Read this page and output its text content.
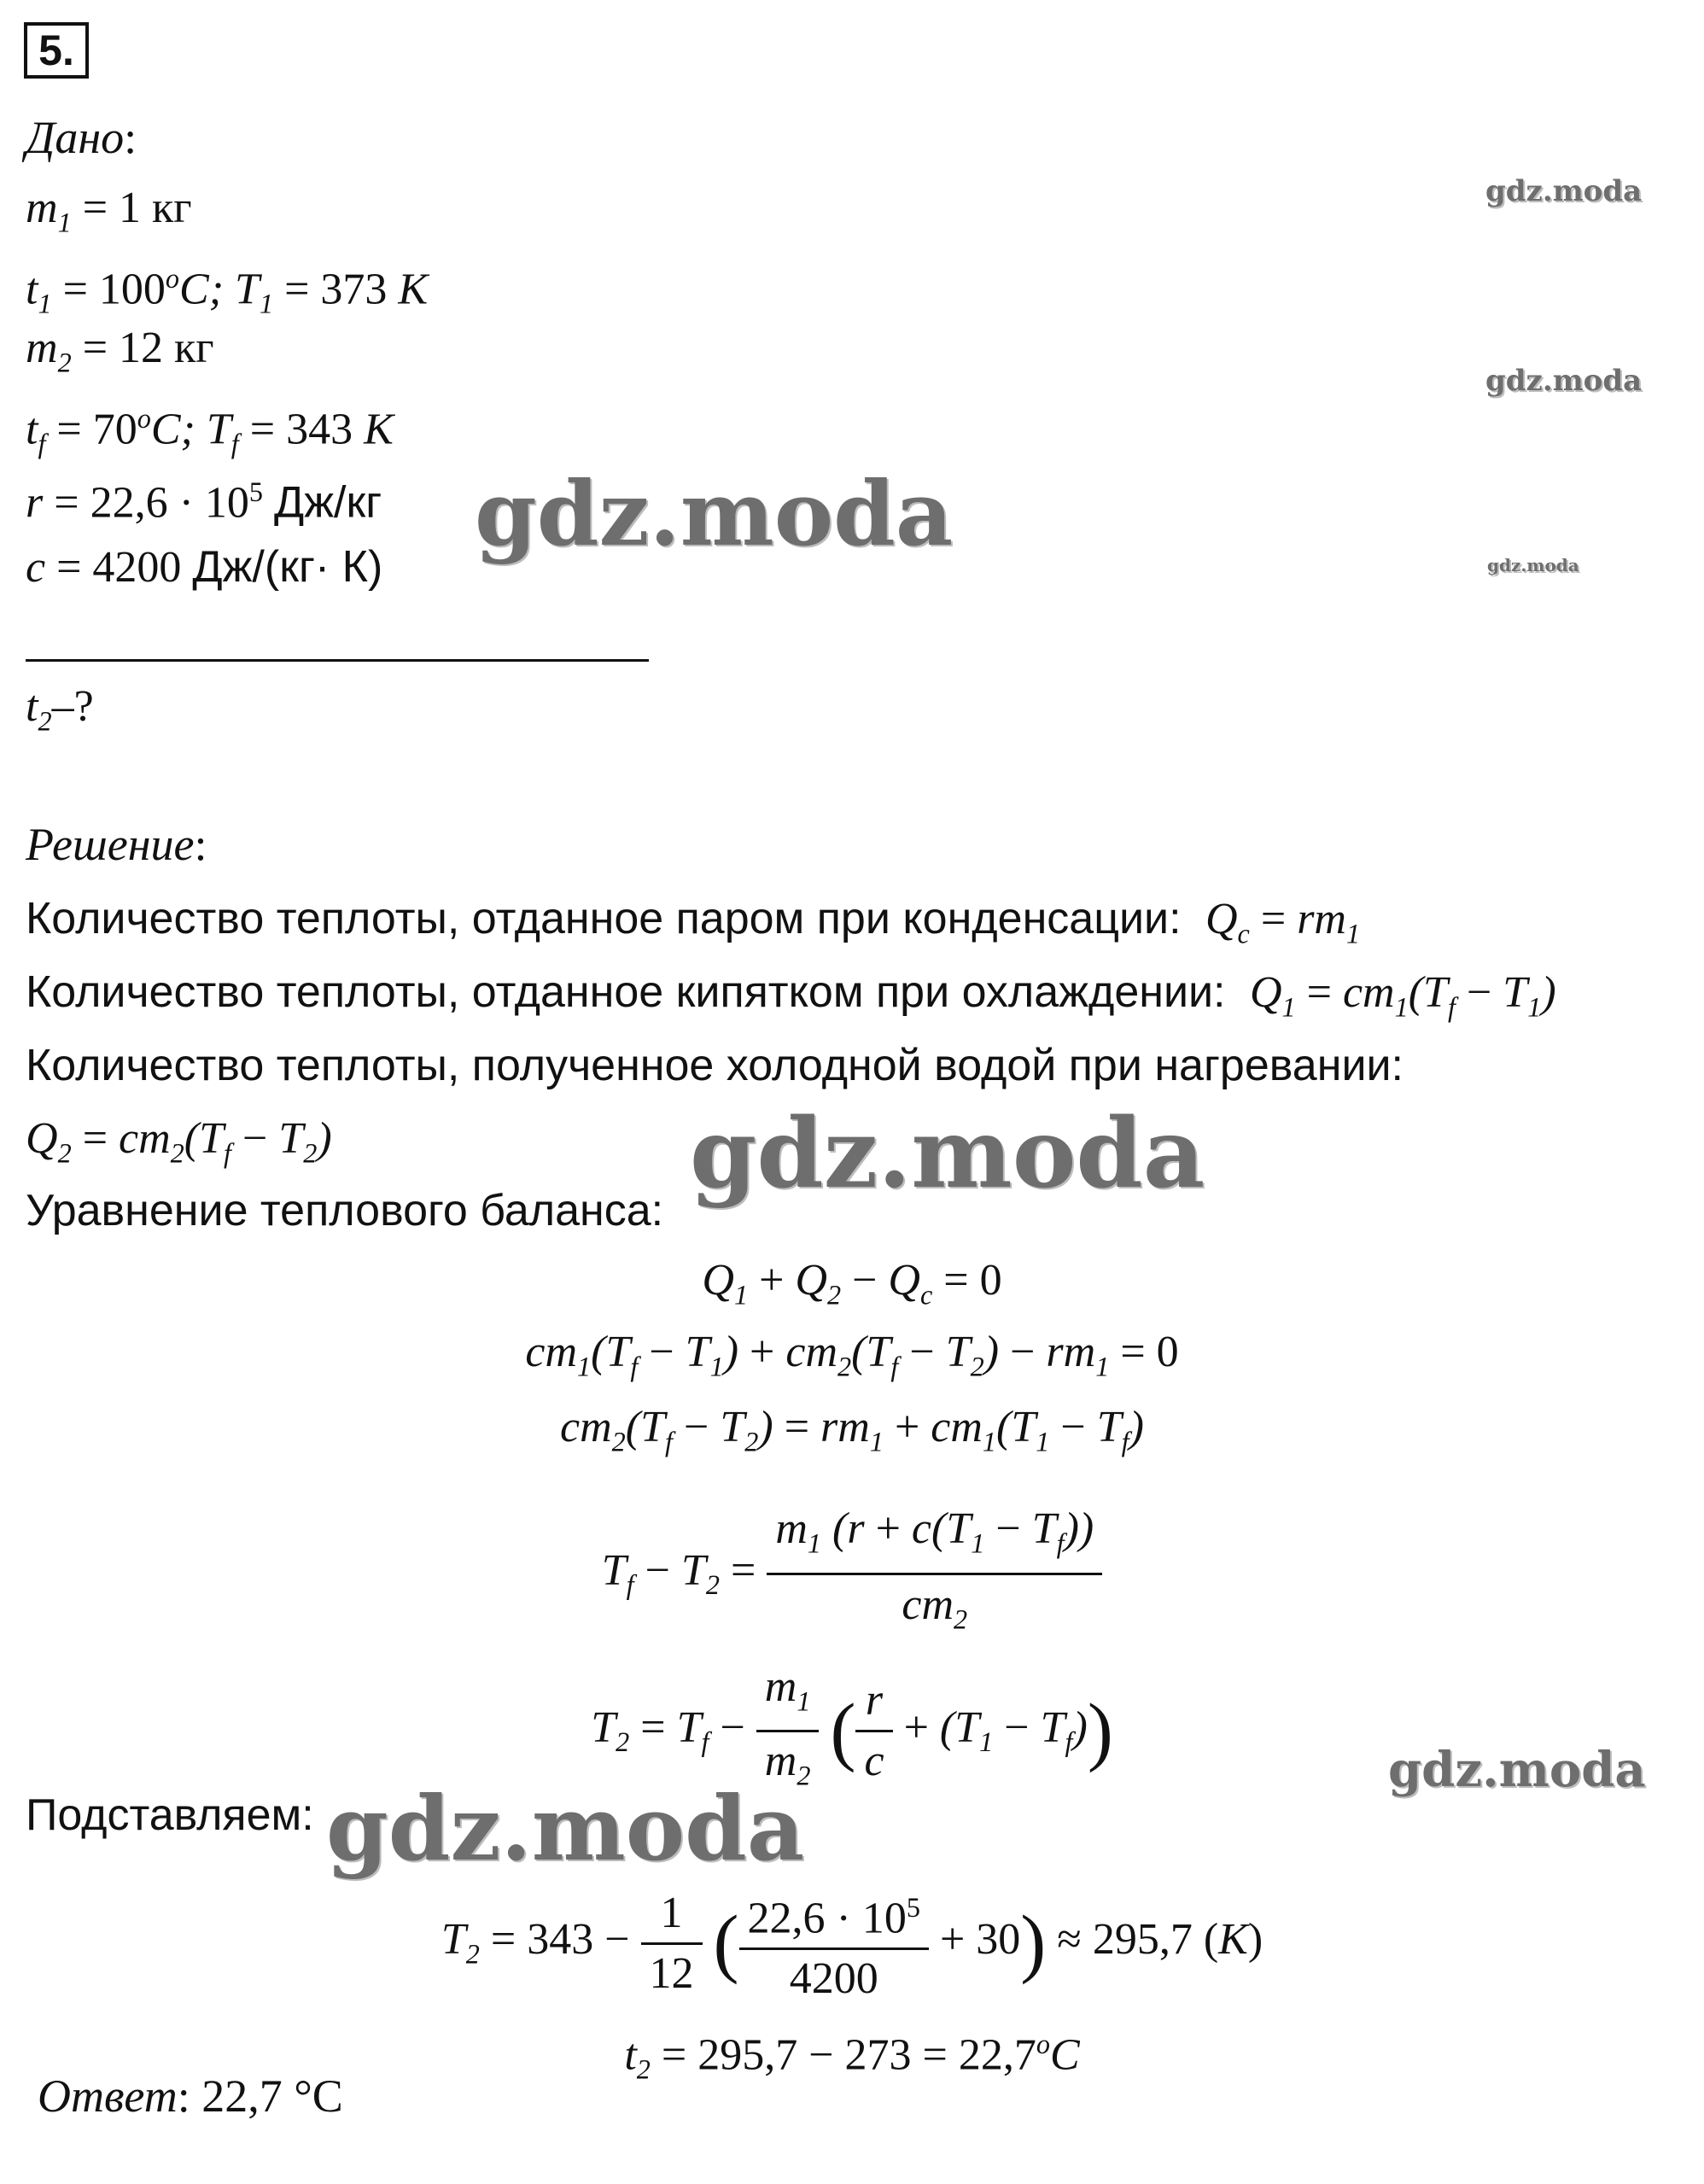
5.
Дано:
$m_1 = 1$ кг
$t_1 = 100^oC$; $T_1 = 373$ K
$m_2 = 12$ кг
$t_f = 70^oC$; $T_f = 343$ K
$r = 22,6 \cdot 10^5$ Дж/кг
c = 4200 Дж/(кг· К)
$t_2-$?
Решение:
Количество теплоты, отданное паром при конденсации: $Q_c = rm_1$
Количество теплоты, отданное кипятком при охлаждении: $Q_1 = cm_1(T_f - T_1)$
Количество теплоты, полученное холодной водой при нагревании:
$Q_2 = cm_2(T_f - T_2)$
Уравнение теплового баланса:
$Q_1 + Q_2 - Q_c = 0$
$cm_1(T_f - T_1) + cm_2(T_f - T_2) - rm_1 = 0$
$cm_2(T_f - T_2) = rm_1 + cm_1(T_1 - T_f)$
$T_f - T_2 = \frac{m_1 (r + c(T_1 - T_f))}{cm_2}$
$T_2 = T_f - \frac{m_1}{m_2}$ ( $\frac{r}{c} + (T_1 - T_f)$)
Подставляем:
$T_2 = 343 - \frac{1}{12}$ ( $\frac{22,6 \cdot 10^5}{4200} + 30) \approx 295,7$ (K)
$t_2 = 295,7 - 273 = 22,7^oC$
Ответ: 22,7 °C
gdz.moda
gdz.moda
gdz.moda
gdz.moda
gdz.moda
gdz.moda
gdz.moda
